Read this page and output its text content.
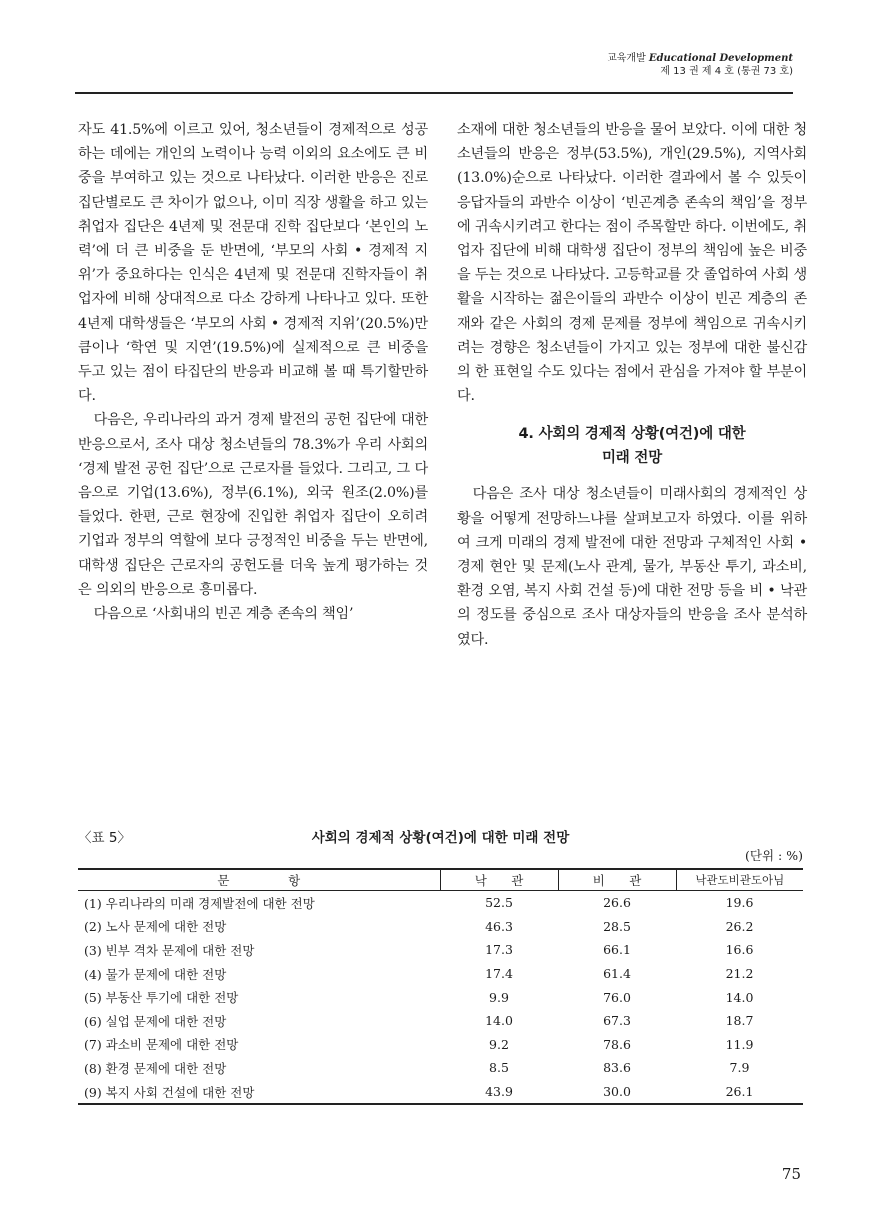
교육개발 Educational Development
제 13 권 제 4 호 (통권 73 호)

자도 41.5%에 이르고 있어, 청소년들이 경제적으로 성공하는 데에는 개인의 노력이나 능력 이외의 요소에도 큰 비중을 부여하고 있는 것으로 나타났다. 이러한 반응은 진로 집단별로도 큰 차이가 없으나, 이미 직장 생활을 하고 있는 취업자 집단은 4년제 및 전문대 진학 집단보다 ‘본인의 노력’에 더 큰 비중을 둔 반면에, ‘부모의 사회 • 경제적 지위’가 중요하다는 인식은 4년제 및 전문대 진학자들이 취업자에 비해 상대적으로 다소 강하게 나타나고 있다. 또한 4년제 대학생들은 ‘부모의 사회 • 경제적 지위’(20.5%)만큼이나 ‘학연 및 지연’(19.5%)에 실제적으로 큰 비중을 두고 있는 점이 타집단의 반응과 비교해 볼 때 특기할만하다.

다음은, 우리나라의 과거 경제 발전의 공헌 집단에 대한 반응으로서, 조사 대상 청소년들의 78.3%가 우리 사회의 ‘경제 발전 공헌 집단’으로 근로자를 들었다. 그리고, 그 다음으로 기업(13.6%), 정부(6.1%), 외국 원조(2.0%)를 들었다. 한편, 근로 현장에 진입한 취업자 집단이 오히려 기업과 정부의 역할에 보다 긍정적인 비중을 두는 반면에, 대학생 집단은 근로자의 공헌도를 더욱 높게 평가하는 것은 의외의 반응으로 흥미롭다.

다음으로 ‘사회내의 빈곤 계층 존속의 책임’

소재에 대한 청소년들의 반응을 물어 보았다. 이에 대한 청소년들의 반응은 정부(53.5%), 개인(29.5%), 지역사회(13.0%)순으로 나타났다. 이러한 결과에서 볼 수 있듯이 응답자들의 과반수 이상이 ‘빈곤계층 존속의 책임’을 정부에 귀속시키려고 한다는 점이 주목할만 하다. 이번에도, 취업자 집단에 비해 대학생 집단이 정부의 책임에 높은 비중을 두는 것으로 나타났다. 고등학교를 갓 졸업하여 사회 생활을 시작하는 젊은이들의 과반수 이상이 빈곤 계층의 존재와 같은 사회의 경제 문제를 정부에 책임으로 귀속시키려는 경향은 청소년들이 가지고 있는 정부에 대한 불신감의 한 표현일 수도 있다는 점에서 관심을 가져야 할 부분이다.

4. 사회의 경제적 상황(여건)에 대한
미래 전망

다음은 조사 대상 청소년들이 미래사회의 경제적인 상황을 어떻게 전망하느냐를 살펴보고자 하였다. 이를 위하여 크게 미래의 경제 발전에 대한 전망과 구체적인 사회 • 경제 현안 및 문제(노사 관계, 물가, 부동산 투기, 과소비, 환경 오염, 복지 사회 건설 등)에 대한 전망 등을 비 • 낙관의 정도를 중심으로 조사 대상자들의 반응을 조사 분석하였다.

〈표 5〉	사회의 경제적 상황(여건)에 대한 미래 전망
(단위 : %)
문 항	낙 관	비 관	낙관도비관도아님
(1) 우리나라의 미래 경제발전에 대한 전망	52.5	26.6	19.6
(2) 노사 문제에 대한 전망	46.3	28.5	26.2
(3) 빈부 격차 문제에 대한 전망	17.3	66.1	16.6
(4) 물가 문제에 대한 전망	17.4	61.4	21.2
(5) 부동산 투기에 대한 전망	9.9	76.0	14.0
(6) 실업 문제에 대한 전망	14.0	67.3	18.7
(7) 과소비 문제에 대한 전망	9.2	78.6	11.9
(8) 환경 문제에 대한 전망	8.5	83.6	7.9
(9) 복지 사회 건설에 대한 전망	43.9	30.0	26.1
75
